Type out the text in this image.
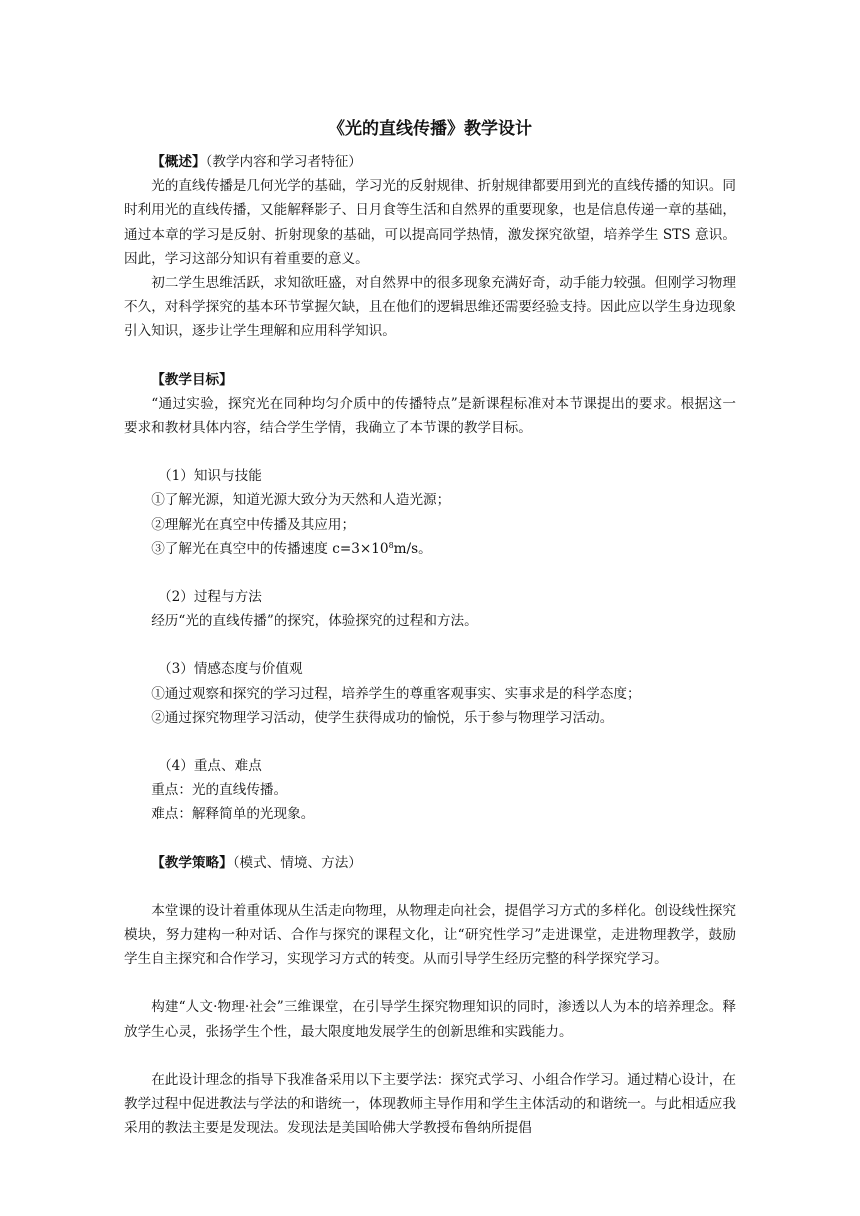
《光的直线传播》教学设计

【概述】（教学内容和学习者特征）

光的直线传播是几何光学的基础，学习光的反射规律、折射规律都要用到光的直线传播的知识。同时利用光的直线传播，又能解释影子、日月食等生活和自然界的重要现象，也是信息传递一章的基础，通过本章的学习是反射、折射现象的基础，可以提高同学热情，激发探究欲望，培养学生 STS 意识。因此，学习这部分知识有着重要的意义。

初二学生思维活跃，求知欲旺盛，对自然界中的很多现象充满好奇，动手能力较强。但刚学习物理不久，对科学探究的基本环节掌握欠缺，且在他们的逻辑思维还需要经验支持。因此应以学生身边现象引入知识，逐步让学生理解和应用科学知识。

【教学目标】

“通过实验，探究光在同种均匀介质中的传播特点”是新课程标准对本节课提出的要求。根据这一要求和教材具体内容，结合学生学情，我确立了本节课的教学目标。

（1）知识与技能

①了解光源，知道光源大致分为天然和人造光源；

②理解光在真空中传播及其应用；

③了解光在真空中的传播速度 $c=3\times 10^8m/s$。

（2）过程与方法

经历“光的直线传播”的探究，体验探究的过程和方法。

（3）情感态度与价值观

①通过观察和探究的学习过程，培养学生的尊重客观事实、实事求是的科学态度；

②通过探究物理学习活动，使学生获得成功的愉悦，乐于参与物理学习活动。

（4）重点、难点

重点：光的直线传播。

难点：解释简单的光现象。

【教学策略】（模式、情境、方法）

本堂课的设计着重体现从生活走向物理，从物理走向社会，提倡学习方式的多样化。创设线性探究模块，努力建构一种对话、合作与探究的课程文化，让“研究性学习”走进课堂，走进物理教学，鼓励学生自主探究和合作学习，实现学习方式的转变。从而引导学生经历完整的科学探究学习。

构建“人文·物理·社会”三维课堂，在引导学生探究物理知识的同时，渗透以人为本的培养理念。释放学生心灵，张扬学生个性，最大限度地发展学生的创新思维和实践能力。

在此设计理念的指导下我准备采用以下主要学法：探究式学习、小组合作学习。通过精心设计，在教学过程中促进教法与学法的和谐统一，体现教师主导作用和学生主体活动的和谐统一。与此相适应我采用的教法主要是发现法。发现法是美国哈佛大学教授布鲁纳所提倡
